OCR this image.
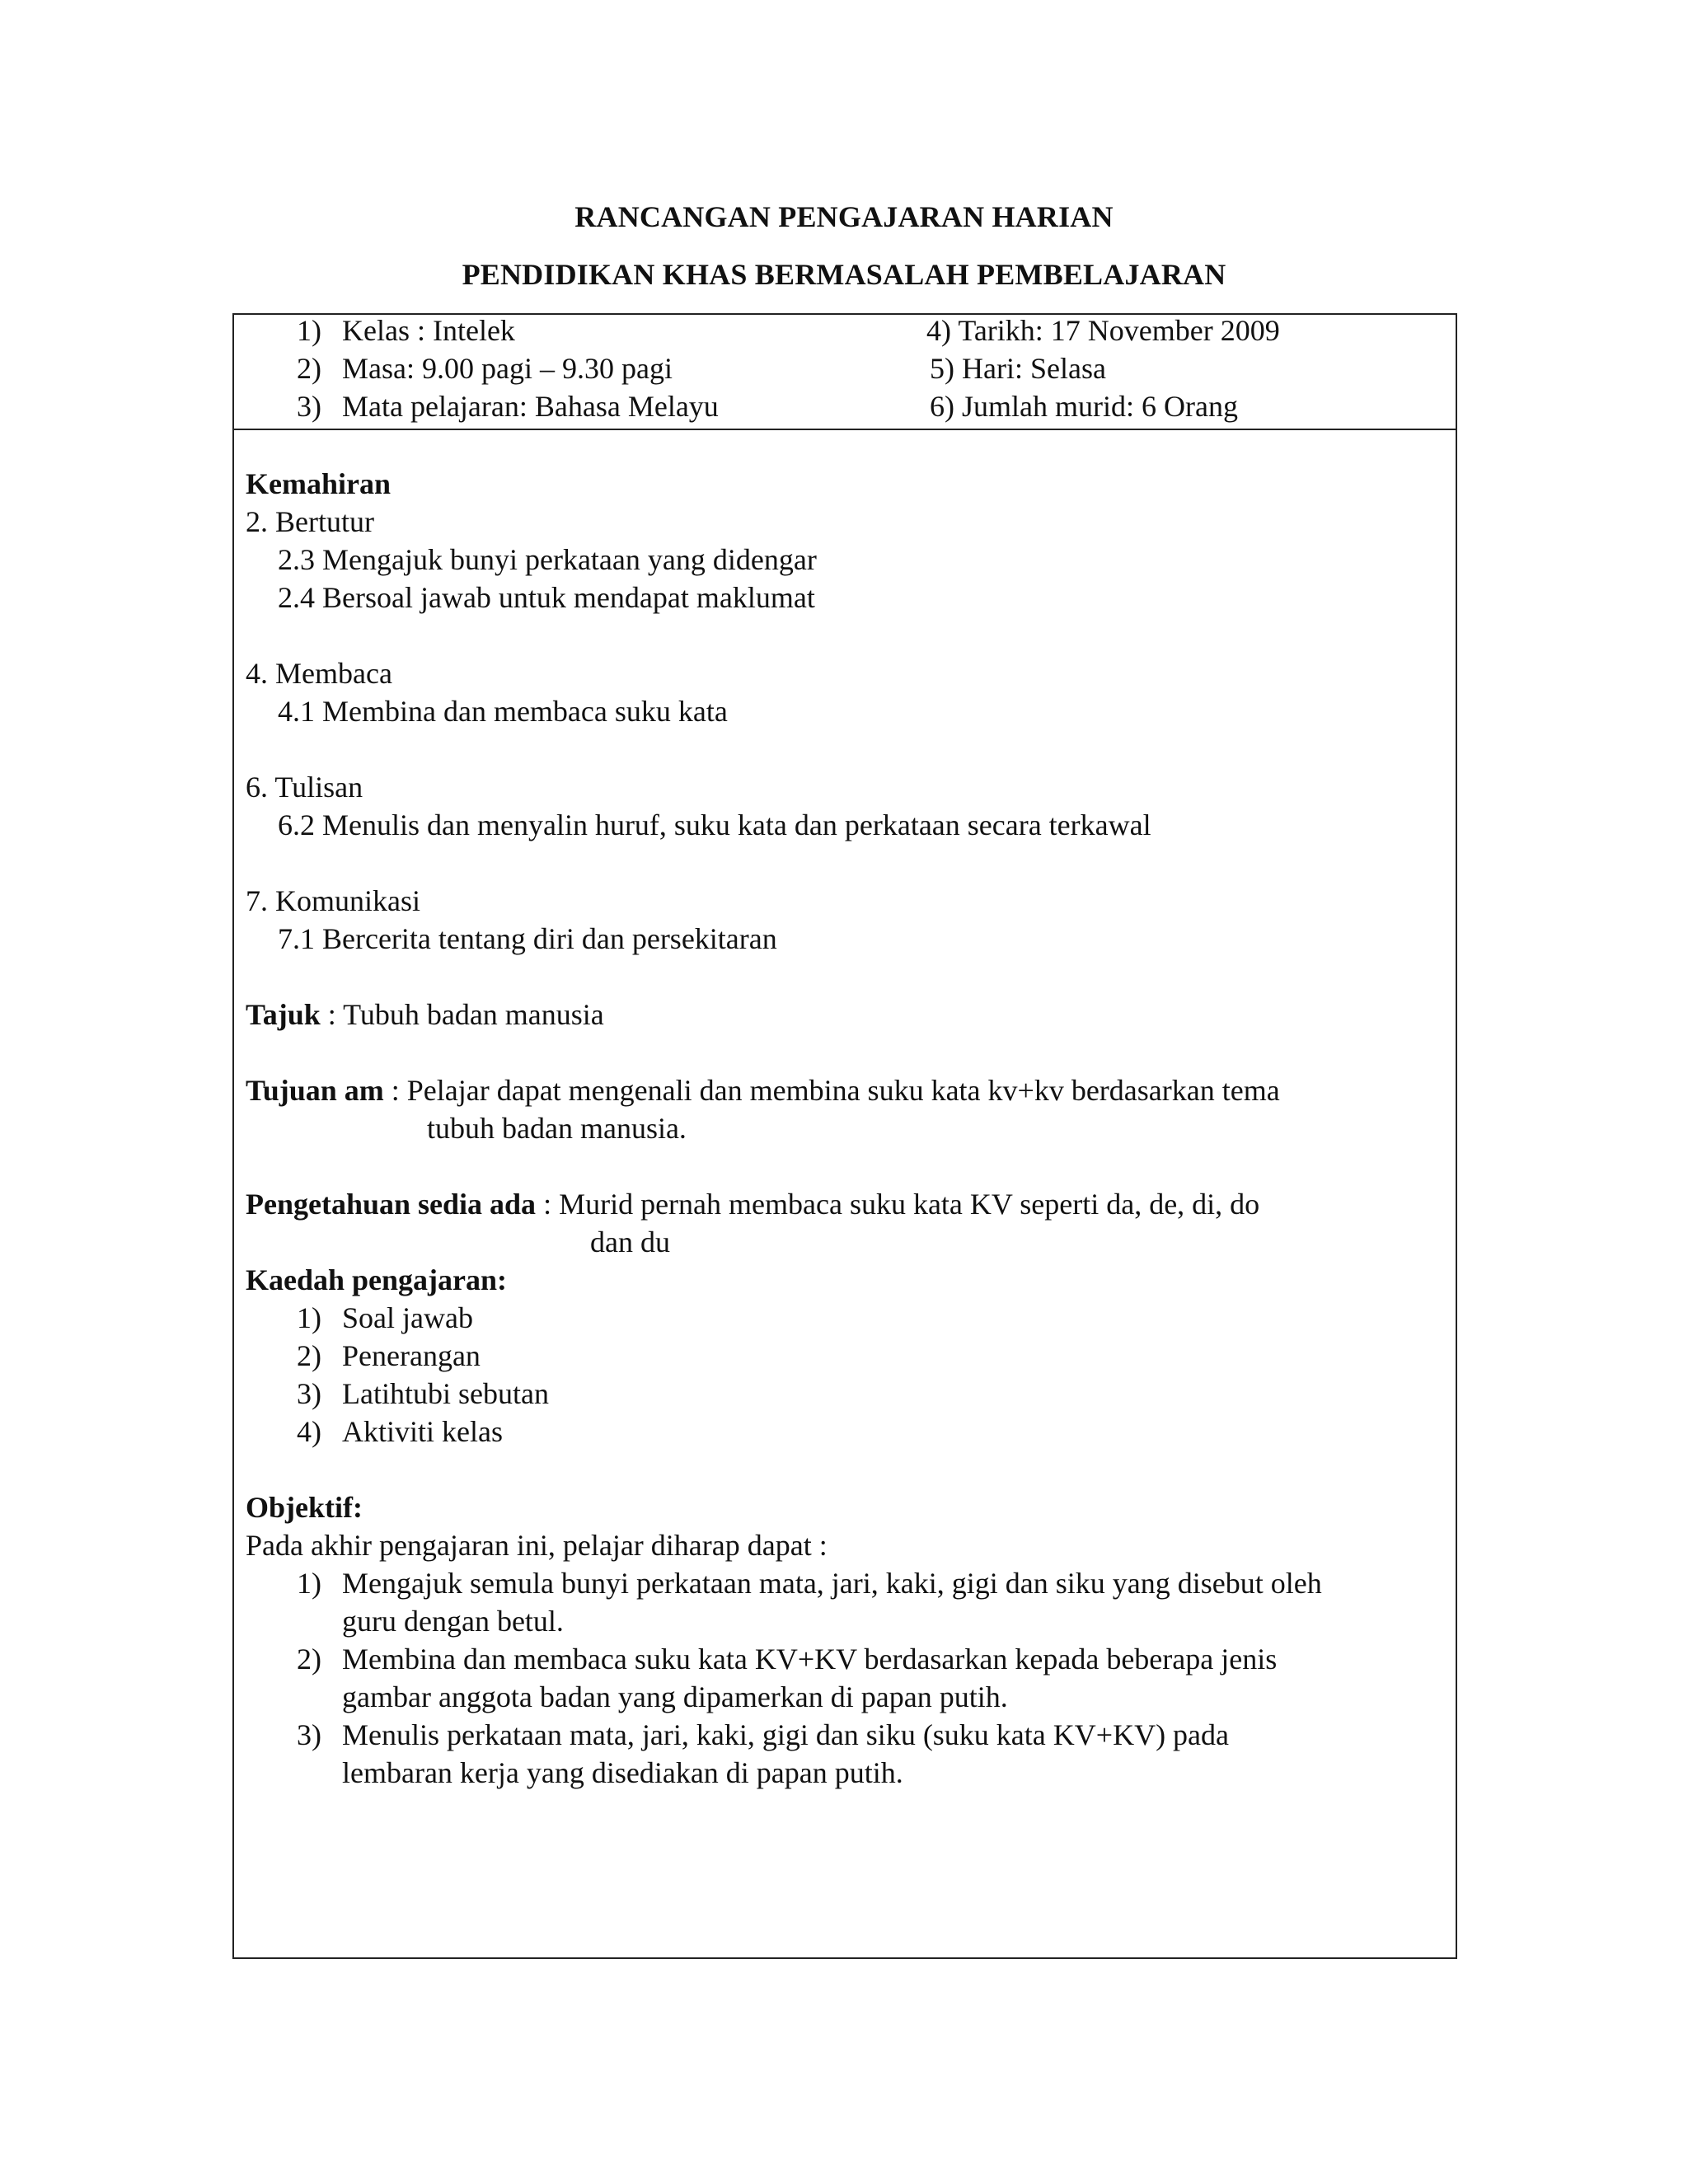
RANCANGAN PENGAJARAN HARIAN
PENDIDIKAN KHAS BERMASALAH PEMBELAJARAN
1) Kelas : Intelek
2) Masa: 9.00 pagi – 9.30 pagi
3) Mata pelajaran: Bahasa Melayu
4) Tarikh: 17 November 2009
5) Hari: Selasa
6) Jumlah murid: 6 Orang
Kemahiran
2. Bertutur
2.3 Mengajuk bunyi perkataan yang didengar
2.4 Bersoal jawab untuk mendapat maklumat
4. Membaca
4.1 Membina dan membaca suku kata
6. Tulisan
6.2 Menulis dan menyalin huruf, suku kata dan perkataan secara terkawal
7. Komunikasi
7.1 Bercerita tentang diri dan persekitaran
Tajuk : Tubuh badan manusia
Tujuan am : Pelajar dapat mengenali dan membina suku kata kv+kv berdasarkan tema
tubuh badan manusia.
Pengetahuan sedia ada : Murid pernah membaca suku kata KV seperti da, de, di, do
dan du
Kaedah pengajaran:
1) Soal jawab
2) Penerangan
3) Latihtubi sebutan
4) Aktiviti kelas
Objektif:
Pada akhir pengajaran ini, pelajar diharap dapat :
1) Mengajuk semula bunyi perkataan mata, jari, kaki, gigi dan siku yang disebut oleh
guru dengan betul.
2) Membina dan membaca suku kata KV+KV berdasarkan kepada beberapa jenis
gambar anggota badan yang dipamerkan di papan putih.
3) Menulis perkataan mata, jari, kaki, gigi dan siku (suku kata KV+KV) pada
lembaran kerja yang disediakan di papan putih.
